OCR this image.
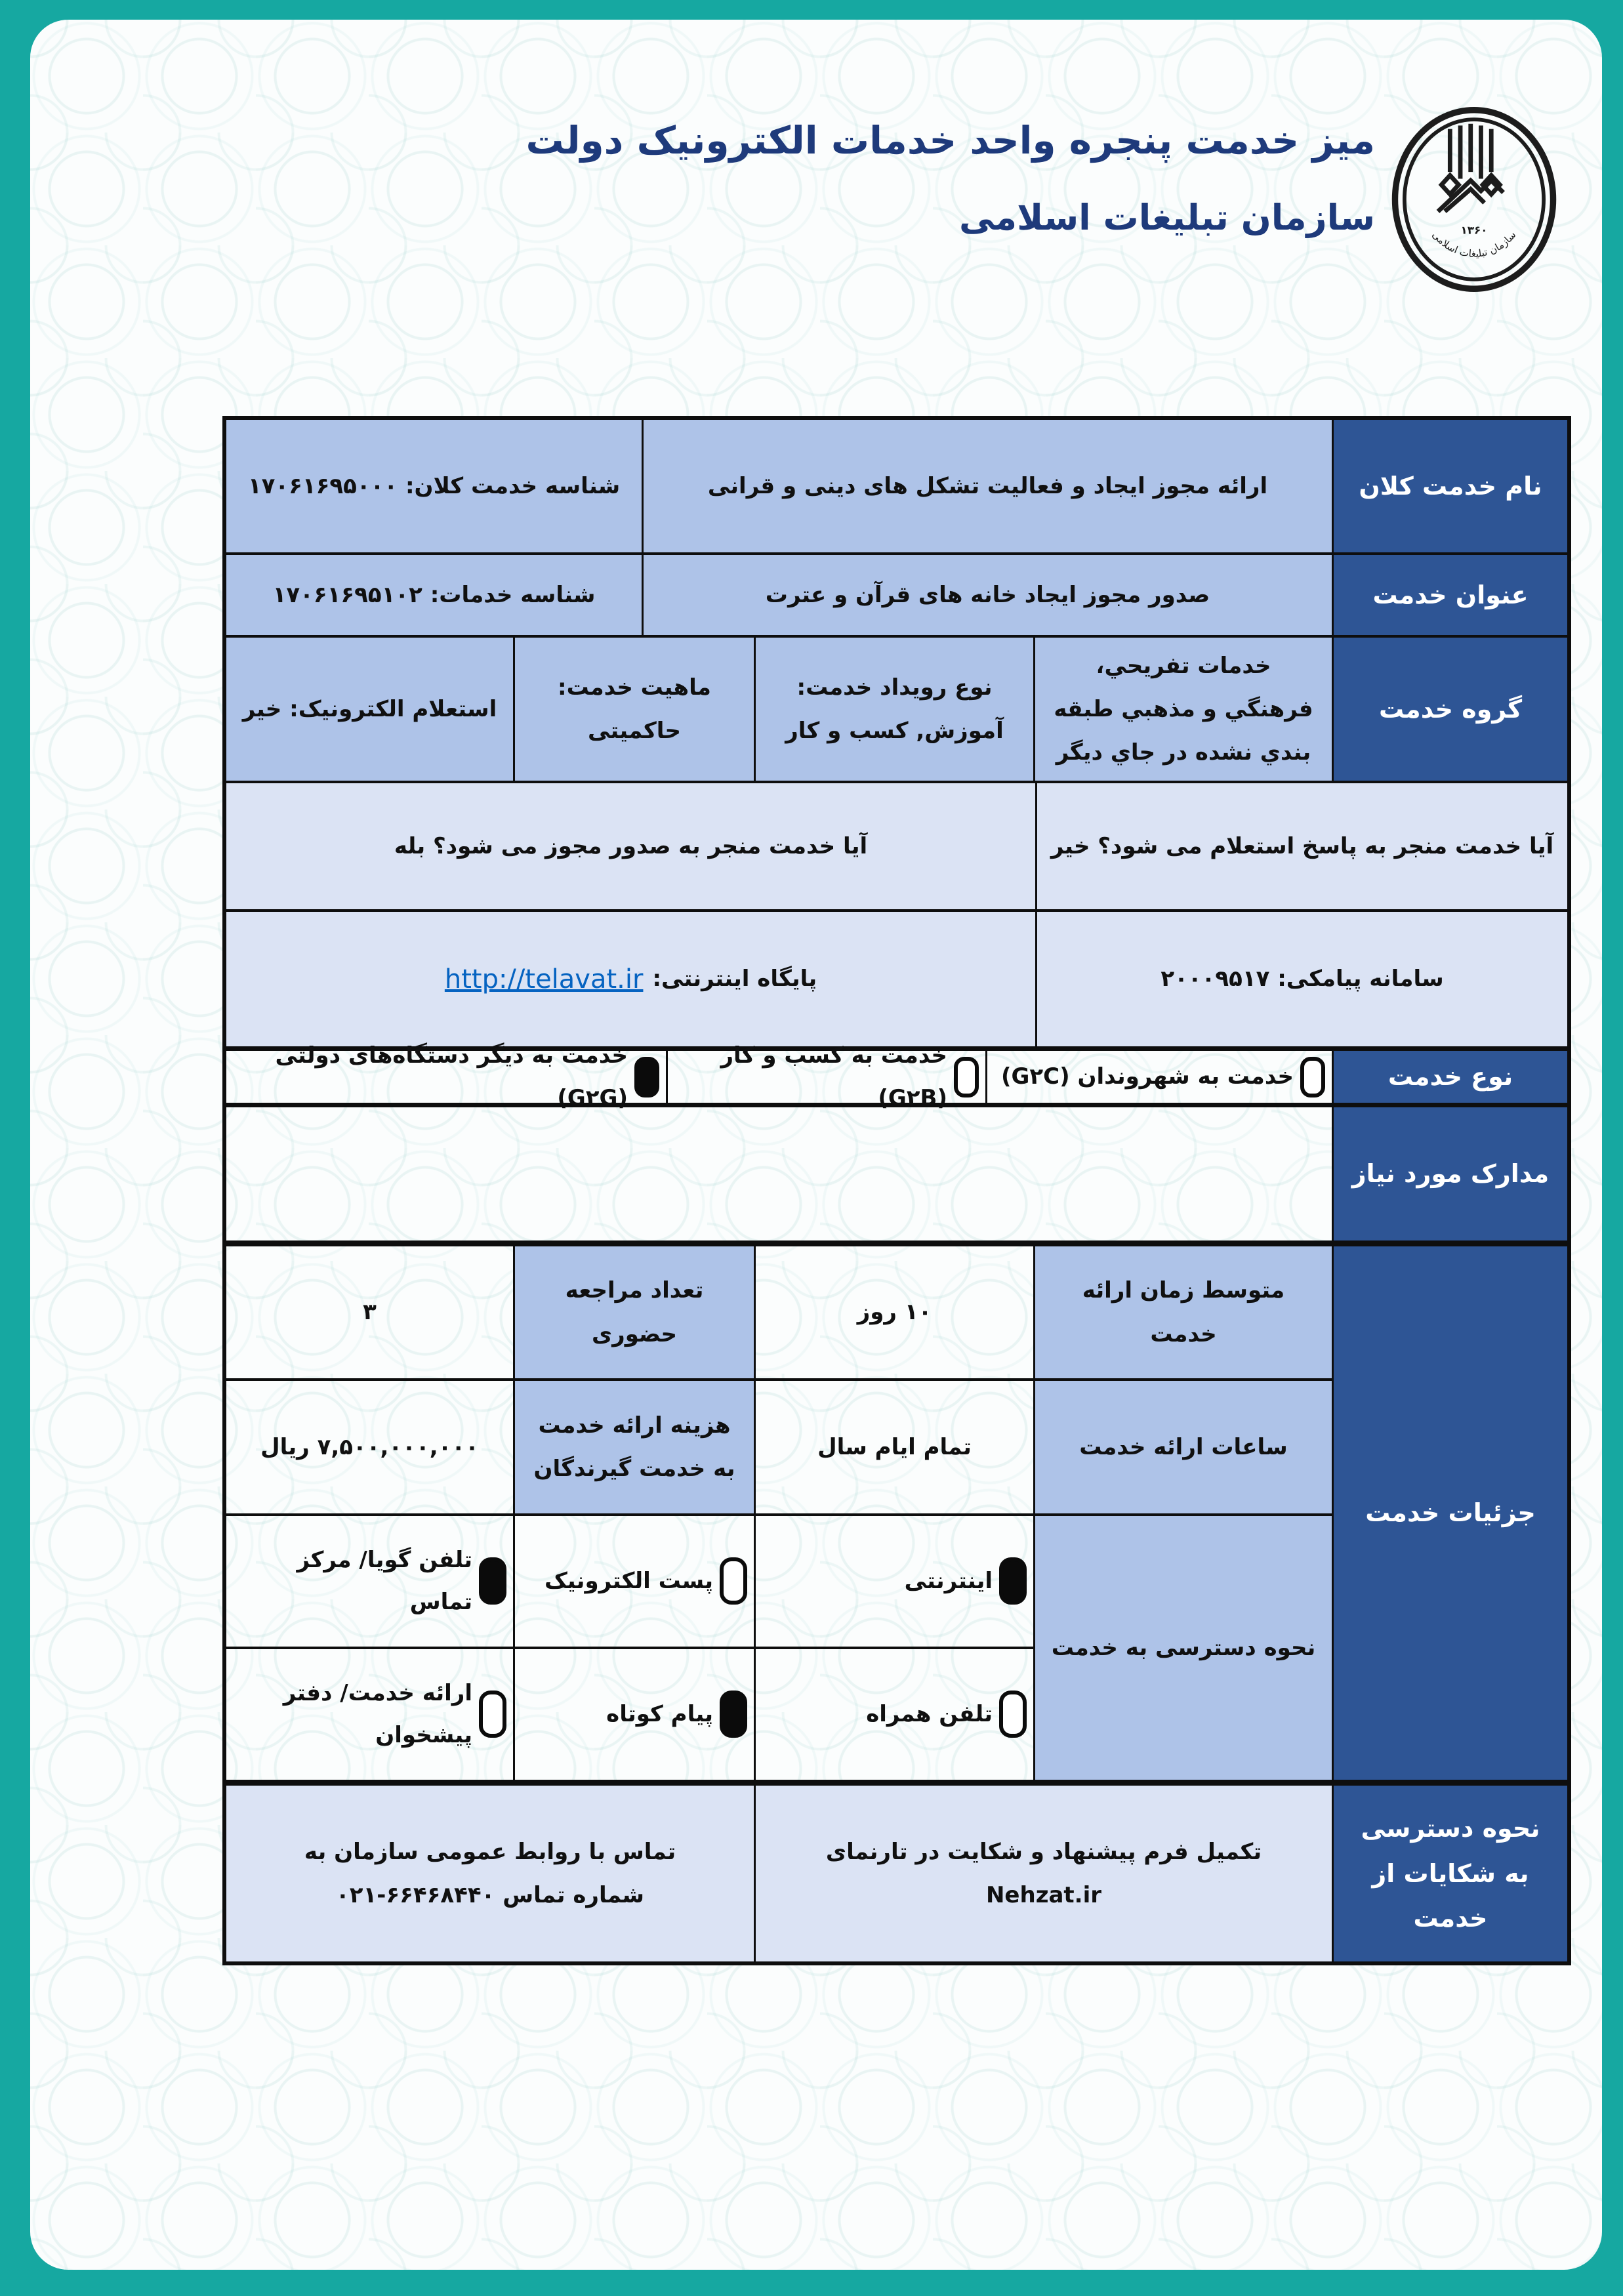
میز خدمت پنجره واحد خدمات الکترونیک دولت
سازمان تبلیغات اسلامی	۱۳۶۰
سازمان تبلیغات اسلامی
نام خدمت کلان
ارائه مجوز ایجاد و فعالیت تشکل های دینی و قرانی
شناسه خدمت کلان: ۱۷۰۶۱۶۹۵۰۰۰
عنوان خدمت
صدور مجوز ایجاد خانه های قرآن و عترت
شناسه خدمات: ۱۷۰۶۱۶۹۵۱۰۲
گروه خدمت
خدمات تفریحي، فرهنگي و مذهبي طبقه بندي نشده در جاي دیگر
نوع رویداد خدمت: آموزش, کسب و کار
ماهیت خدمت: حاکمیتی
استعلام الکترونیک: خیر
آیا خدمت منجر به پاسخ استعلام می شود؟ خیر
آیا خدمت منجر به صدور مجوز می شود؟ بله
سامانه پیامکی: ۲۰۰۰۹۵۱۷
پایگاه اینترنتی:
http://telavat.ir
نوع خدمت
خدمت به شهروندان (G۲C)
خدمت به کسب و کار (G۲B)
خدمت به دیگر دستگاه‌های دولتی (G۲G)
مدارک مورد نیاز
جزئیات خدمت
متوسط زمان ارائه خدمت
۱۰ روز
تعداد مراجعه حضوری
۳
ساعات ارائه خدمت
تمام ایام سال
هزینه ارائه خدمت به خدمت گیرندگان
۷,۵۰۰,۰۰۰,۰۰۰ ریال
نحوه دسترسی به خدمت
اینترنتی
پست الکترونیک
تلفن گویا/ مرکز تماس
تلفن همراه
پیام کوتاه
ارائه خدمت/ دفتر پیشخوان
نحوه دسترسی به شکایات از خدمت
تکمیل فرم پیشنهاد و شکایت در تارنمای Nehzat.ir
تماس با روابط عمومی سازمان به شماره تماس ۶۶۴۶۸۴۴۰-۰۲۱
